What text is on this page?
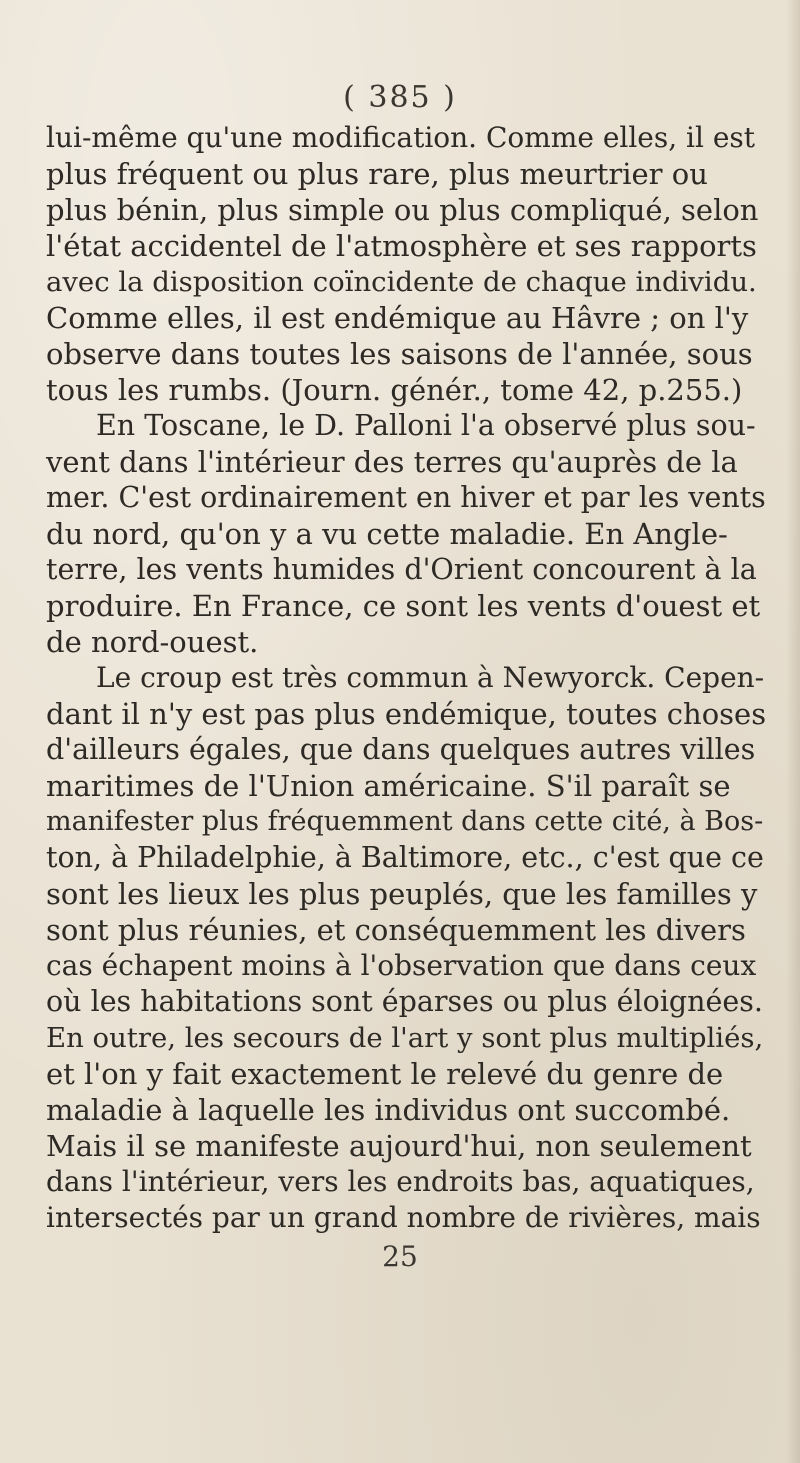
( 385 )
lui-même qu'une modification. Comme elles, il est
plus fréquent ou plus rare, plus meurtrier ou
plus bénin, plus simple ou plus compliqué, selon
l'état accidentel de l'atmosphère et ses rapports
avec la disposition coïncidente de chaque individu.
Comme elles, il est endémique au Hâvre ; on l'y
observe dans toutes les saisons de l'année, sous
tous les rumbs. (Journ. génér., tome 42, p.255.)
En Toscane, le D. Palloni l'a observé plus sou-
vent dans l'intérieur des terres qu'auprès de la
mer. C'est ordinairement en hiver et par les vents
du nord, qu'on y a vu cette maladie. En Angle-
terre, les vents humides d'Orient concourent à la
produire. En France, ce sont les vents d'ouest et
de nord-ouest.
Le croup est très commun à Newyorck. Cepen-
dant il n'y est pas plus endémique, toutes choses
d'ailleurs égales, que dans quelques autres villes
maritimes de l'Union américaine. S'il paraît se
manifester plus fréquemment dans cette cité, à Bos-
ton, à Philadelphie, à Baltimore, etc., c'est que ce
sont les lieux les plus peuplés, que les familles y
sont plus réunies, et conséquemment les divers
cas échapent moins à l'observation que dans ceux
où les habitations sont éparses ou plus éloignées.
En outre, les secours de l'art y sont plus multipliés,
et l'on y fait exactement le relevé du genre de
maladie à laquelle les individus ont succombé.
Mais il se manifeste aujourd'hui, non seulement
dans l'intérieur, vers les endroits bas, aquatiques,
intersectés par un grand nombre de rivières, mais
25
